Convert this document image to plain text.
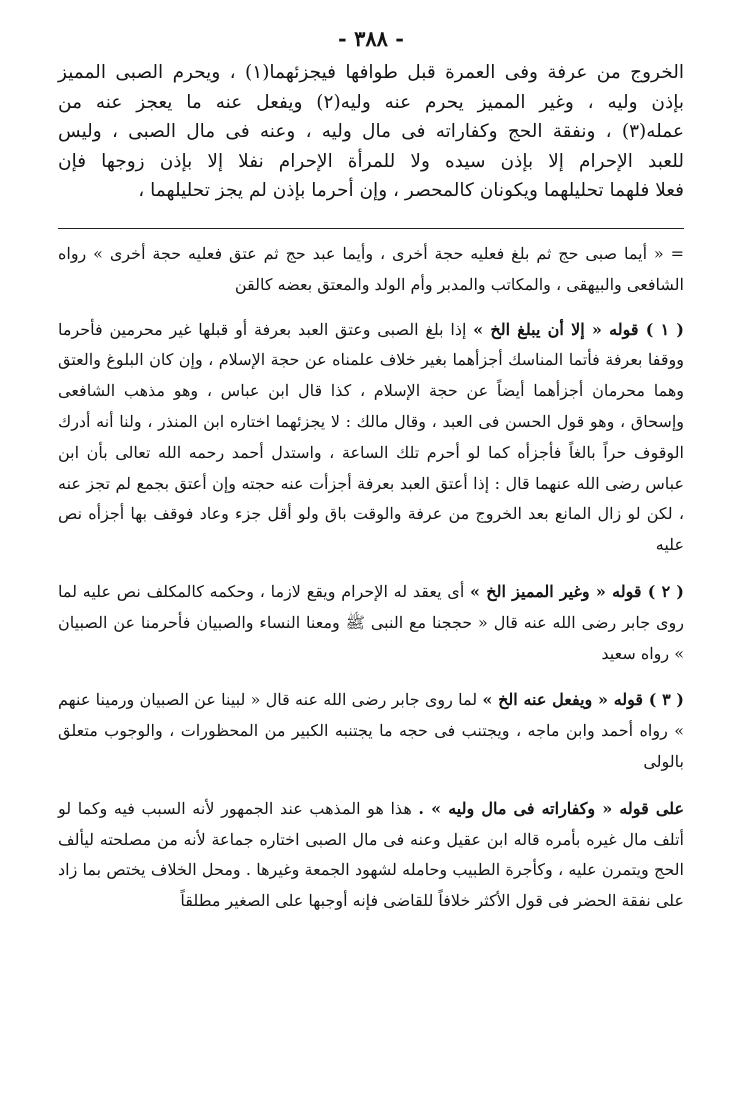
- ٣٨٨ -

الخروج من عرفة وفى العمرة قبل طوافها فيجزئهما(١) ، ويحرم الصبى المميز

بإذن وليه ، وغير المميز يحرم عنه وليه(٢) ويفعل عنه ما يعجز عنه من

عمله(٣) ، ونفقة الحج وكفاراته فى مال وليه ، وعنه فى مال الصبى ، وليس

للعبد الإحرام إلا بإذن سيده ولا للمرأة الإحرام نفلا إلا بإذن زوجها فإن

فعلا فلهما تحليلهما ويكونان كالمحصر ، وإن أحرما بإذن لم يجز تحليلهما ،

= « أيما صبى حج ثم بلغ فعليه حجة أخرى ، وأيما عبد حج ثم عتق فعليه حجة أخرى » رواه الشافعى والبيهقى ، والمكاتب والمدبر وأم الولد والمعتق بعضه كالقن

( ١ ) قوله « إلا أن يبلغ الخ » إذا بلغ الصبى وعتق العبد بعرفة أو قبلها غير محرمين فأحرما ووقفا بعرفة فأتما المناسك أجزأهما بغير خلاف علمناه عن حجة الإسلام ، وإن كان البلوغ والعتق وهما محرمان أجزأهما أيضاً عن حجة الإسلام ، كذا قال ابن عباس ، وهو مذهب الشافعى وإسحاق ، وهو قول الحسن فى العبد ، وقال مالك : لا يجزئهما اختاره ابن المنذر ، ولنا أنه أدرك الوقوف حراً بالغاً فأجزأه كما لو أحرم تلك الساعة ، واستدل أحمد رحمه الله تعالى بأن ابن عباس رضى الله عنهما قال : إذا أعتق العبد بعرفة أجزأت عنه حجته وإن أعتق بجمع لم تجز عنه ، لكن لو زال المانع بعد الخروج من عرفة والوقت باق ولو أقل جزء وعاد فوقف بها أجزأه نص عليه

( ٢ ) قوله « وغير المميز الخ » أى يعقد له الإحرام ويقع لازما ، وحكمه كالمكلف نص عليه لما روى جابر رضى الله عنه قال « حججنا مع النبى ﷺ ومعنا النساء والصبيان فأحرمنا عن الصبيان » رواه سعيد

( ٣ ) قوله « ويفعل عنه الخ » لما روى جابر رضى الله عنه قال « لبينا عن الصبيان ورمينا عنهم » رواه أحمد وابن ماجه ، ويجتنب فى حجه ما يجتنبه الكبير من المحظورات ، والوجوب متعلق بالولى

على قوله « وكفاراته فى مال وليه » . هذا هو المذهب عند الجمهور لأنه السبب فيه وكما لو أتلف مال غيره بأمره قاله ابن عقيل وعنه فى مال الصبى اختاره جماعة لأنه من مصلحته ليألف الحج ويتمرن عليه ، وكأجرة الطبيب وحامله لشهود الجمعة وغيرها . ومحل الخلاف يختص بما زاد على نفقة الحضر فى قول الأكثر خلافاً للقاضى فإنه أوجبها على الصغير مطلقاً
